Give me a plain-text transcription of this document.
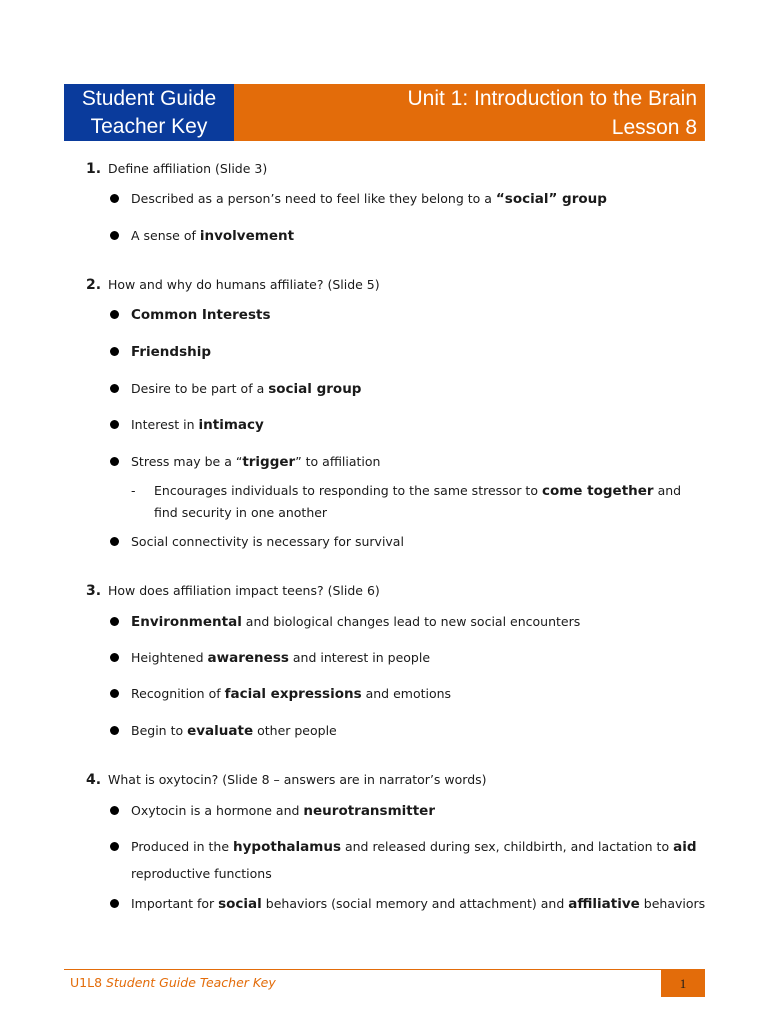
Student Guide
Teacher Key
Unit 1: Introduction to the Brain
Lesson 8
1. Define affiliation (Slide 3)
Described as a person’s need to feel like they belong to a “social” group
A sense of involvement
2. How and why do humans affiliate? (Slide 5)
Common Interests
Friendship
Desire to be part of a social group
Interest in intimacy
Stress may be a “trigger” to affiliation
- Encourages individuals to responding to the same stressor to come together and find security in one another
Social connectivity is necessary for survival
3. How does affiliation impact teens? (Slide 6)
Environmental and biological changes lead to new social encounters
Heightened awareness and interest in people
Recognition of facial expressions and emotions
Begin to evaluate other people
4. What is oxytocin? (Slide 8 – answers are in narrator’s words)
Oxytocin is a hormone and neurotransmitter
Produced in the hypothalamus and released during sex, childbirth, and lactation to aid
reproductive functions
Important for social behaviors (social memory and attachment) and affiliative behaviors
U1L8 Student Guide Teacher Key	1
